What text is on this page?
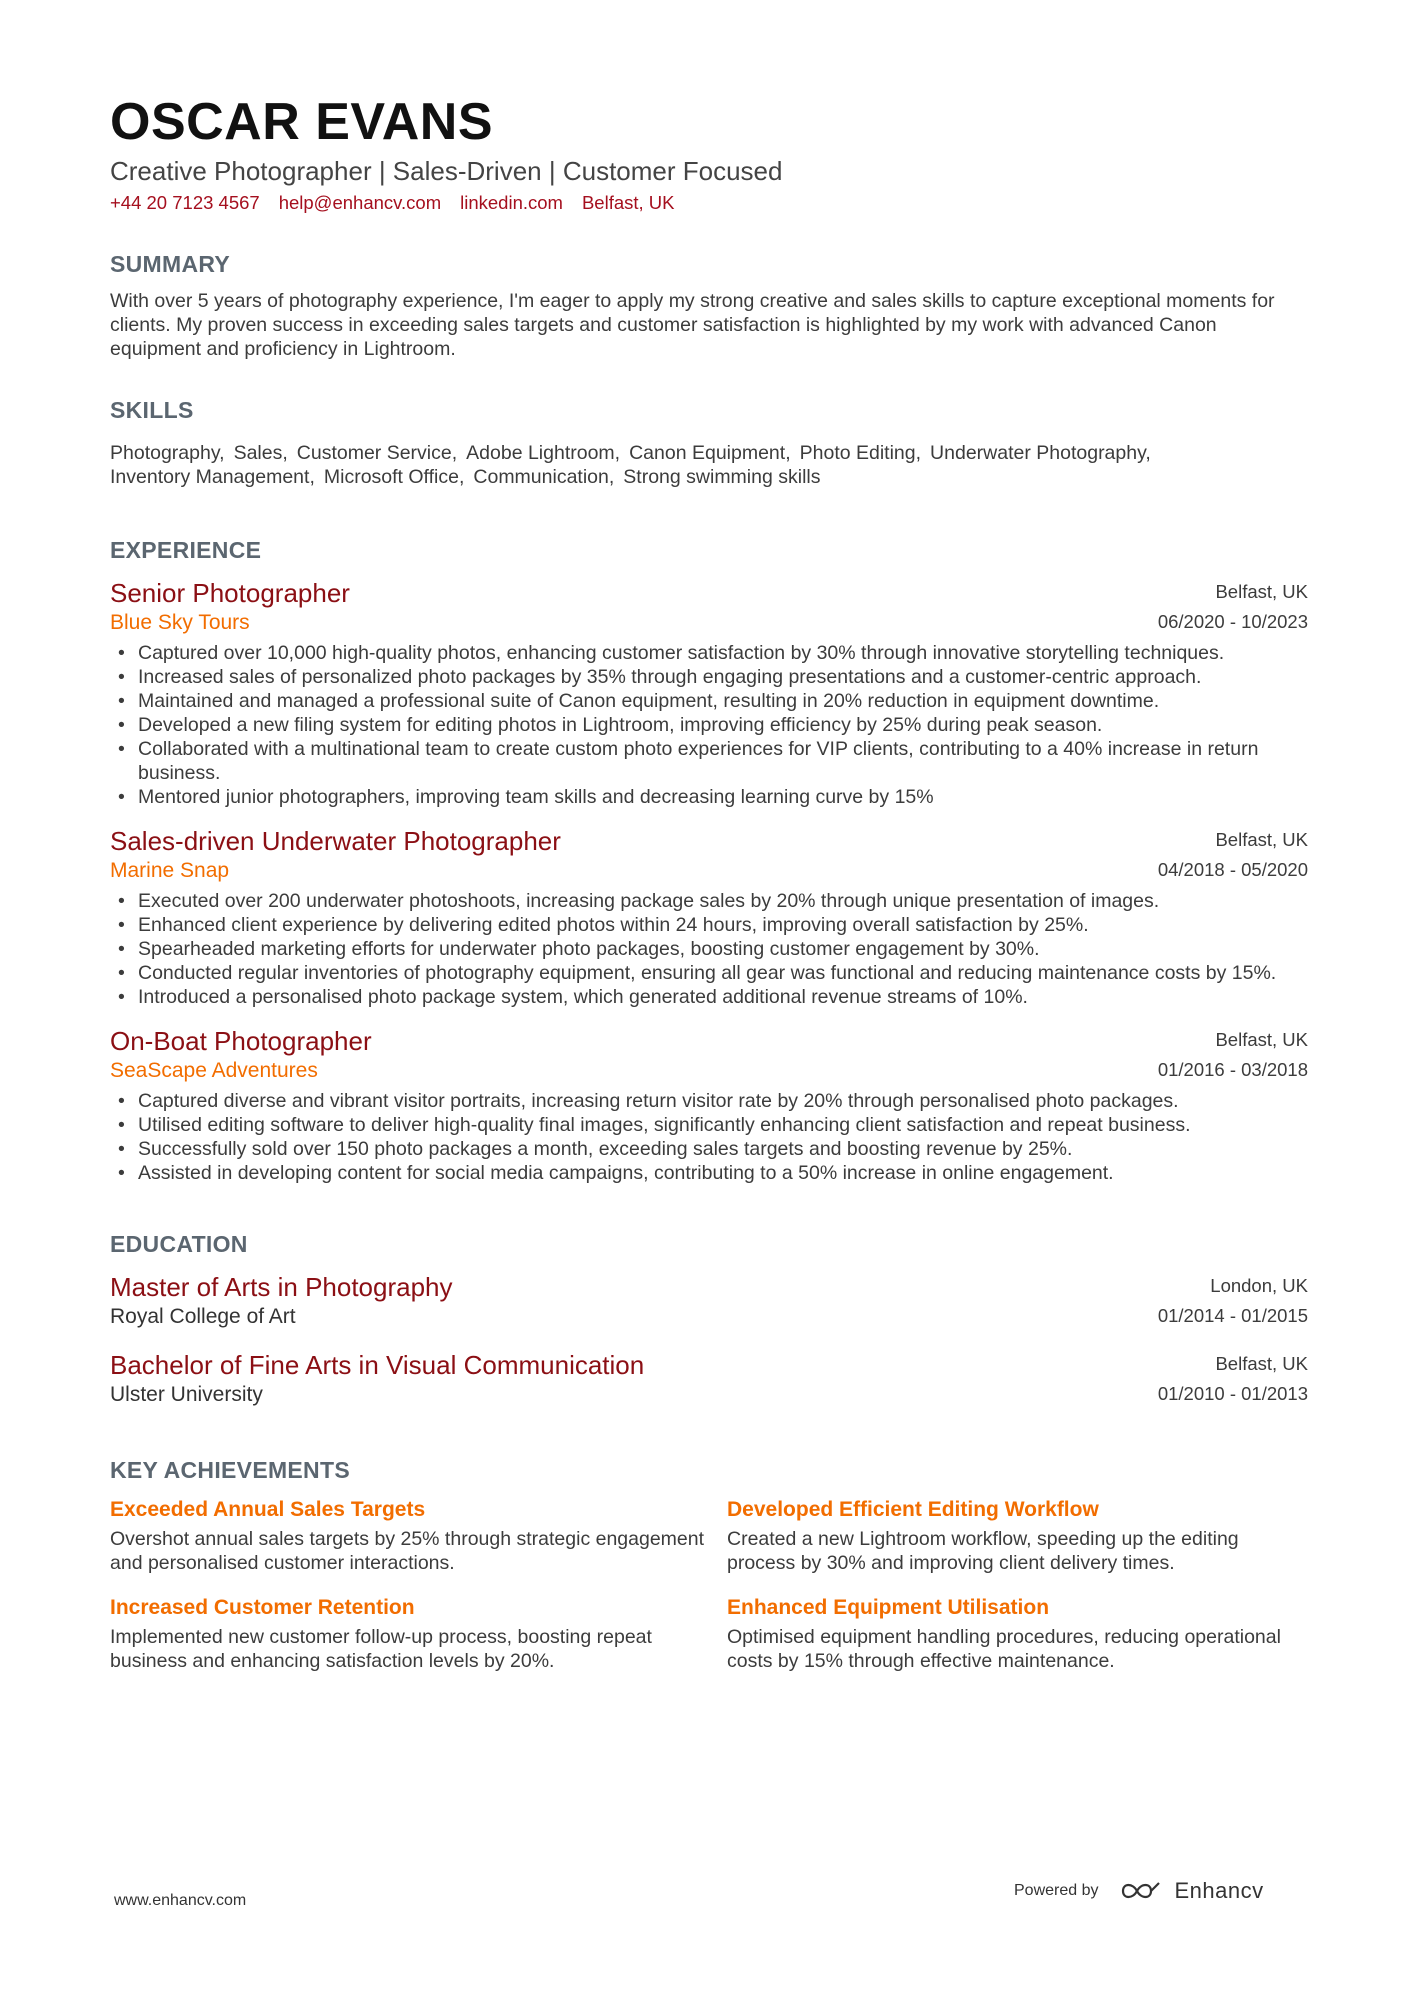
OSCAR EVANS
Creative Photographer | Sales-Driven | Customer Focused
+44 20 7123 4567 help@enhancv.com linkedin.com Belfast, UK
SUMMARY
With over 5 years of photography experience, I'm eager to apply my strong creative and sales skills to capture exceptional moments for clients. My proven success in exceeding sales targets and customer satisfaction is highlighted by my work with advanced Canon equipment and proficiency in Lightroom.
SKILLS
Photography, Sales, Customer Service, Adobe Lightroom, Canon Equipment, Photo Editing, Underwater Photography,
Inventory Management, Microsoft Office, Communication, Strong swimming skills
EXPERIENCE
Senior Photographer
Blue Sky Tours
Belfast, UK
06/2020 - 10/2023
• Captured over 10,000 high-quality photos, enhancing customer satisfaction by 30% through innovative storytelling techniques.
• Increased sales of personalized photo packages by 35% through engaging presentations and a customer-centric approach.
• Maintained and managed a professional suite of Canon equipment, resulting in 20% reduction in equipment downtime.
• Developed a new filing system for editing photos in Lightroom, improving efficiency by 25% during peak season.
• Collaborated with a multinational team to create custom photo experiences for VIP clients, contributing to a 40% increase in return business.
• Mentored junior photographers, improving team skills and decreasing learning curve by 15%
Sales-driven Underwater Photographer
Marine Snap
Belfast, UK
04/2018 - 05/2020
• Executed over 200 underwater photoshoots, increasing package sales by 20% through unique presentation of images.
• Enhanced client experience by delivering edited photos within 24 hours, improving overall satisfaction by 25%.
• Spearheaded marketing efforts for underwater photo packages, boosting customer engagement by 30%.
• Conducted regular inventories of photography equipment, ensuring all gear was functional and reducing maintenance costs by 15%.
• Introduced a personalised photo package system, which generated additional revenue streams of 10%.
On-Boat Photographer
SeaScape Adventures
Belfast, UK
01/2016 - 03/2018
• Captured diverse and vibrant visitor portraits, increasing return visitor rate by 20% through personalised photo packages.
• Utilised editing software to deliver high-quality final images, significantly enhancing client satisfaction and repeat business.
• Successfully sold over 150 photo packages a month, exceeding sales targets and boosting revenue by 25%.
• Assisted in developing content for social media campaigns, contributing to a 50% increase in online engagement.
EDUCATION
Master of Arts in Photography
Royal College of Art
London, UK
01/2014 - 01/2015
Bachelor of Fine Arts in Visual Communication
Ulster University
Belfast, UK
01/2010 - 01/2013
KEY ACHIEVEMENTS
Exceeded Annual Sales Targets
Overshot annual sales targets by 25% through strategic engagement and personalised customer interactions.
Developed Efficient Editing Workflow
Created a new Lightroom workflow, speeding up the editing process by 30% and improving client delivery times.
Increased Customer Retention
Implemented new customer follow-up process, boosting repeat business and enhancing satisfaction levels by 20%.
Enhanced Equipment Utilisation
Optimised equipment handling procedures, reducing operational costs by 15% through effective maintenance.
www.enhancv.com
Powered by	Enhancv
